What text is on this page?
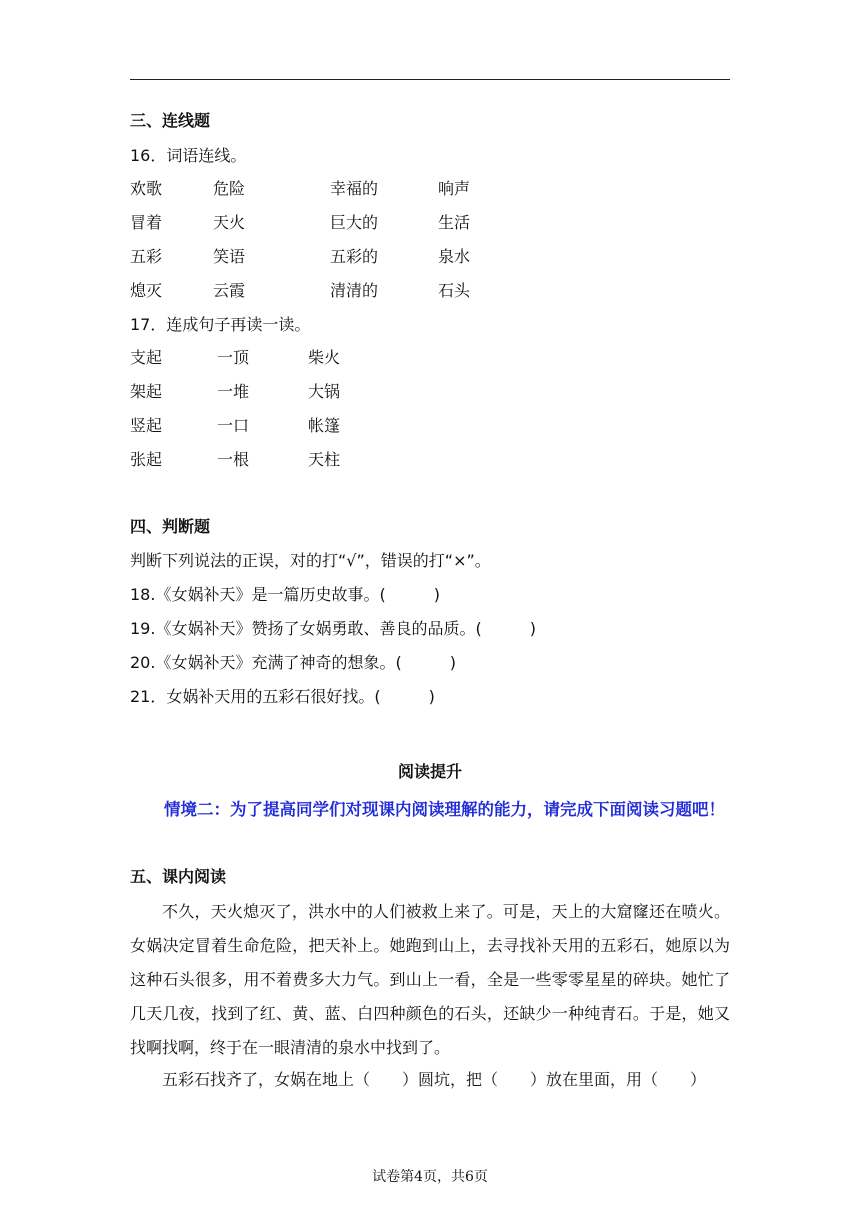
三、连线题
16．词语连线。
欢歌	危险	幸福的	响声
冒着	天火	巨大的	生活
五彩	笑语	五彩的	泉水
熄灭	云霞	清清的	石头
17．连成句子再读一读。
支起	一顶	柴火
架起	一堆	大锅
竖起	一口	帐篷
张起	一根	天柱
四、判断题
判断下列说法的正误，对的打“√”，错误的打“×”。
18.《女娲补天》是一篇历史故事。(　　　)
19.《女娲补天》赞扬了女娲勇敢、善良的品质。(　　　)
20.《女娲补天》充满了神奇的想象。(　　　)
21．女娲补天用的五彩石很好找。(　　　)
阅读提升
情境二：为了提高同学们对现课内阅读理解的能力，请完成下面阅读习题吧！
五、课内阅读
不久，天火熄灭了，洪水中的人们被救上来了。可是，天上的大窟窿还在喷火。女娲决定冒着生命危险，把天补上。她跑到山上，去寻找补天用的五彩石，她原以为这种石头很多，用不着费多大力气。到山上一看，全是一些零零星星的碎块。她忙了几天几夜，找到了红、黄、蓝、白四种颜色的石头，还缺少一种纯青石。于是，她又找啊找啊，终于在一眼清清的泉水中找到了。
五彩石找齐了，女娲在地上（　　）圆坑，把（　　）放在里面，用（　　）
试卷第4页，共6页
